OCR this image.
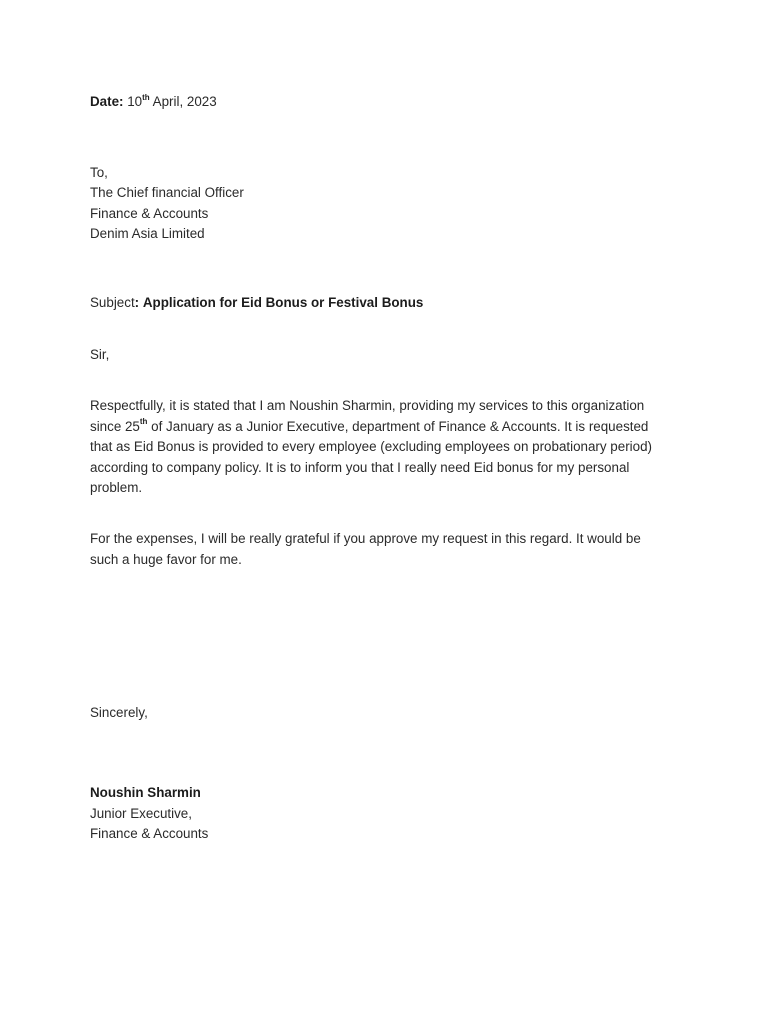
Date: 10th April, 2023
To,
The Chief financial Officer
Finance & Accounts
Denim Asia Limited
Subject: Application for Eid Bonus or Festival Bonus
Sir,
Respectfully, it is stated that I am Noushin Sharmin, providing my services to this organization
since 25th of January as a Junior Executive, department of Finance & Accounts. It is requested
that as Eid Bonus is provided to every employee (excluding employees on probationary period)
according to company policy. It is to inform you that I really need Eid bonus for my personal
problem.
For the expenses, I will be really grateful if you approve my request in this regard. It would be
such a huge favor for me.
Sincerely,
Noushin Sharmin
Junior Executive,
Finance & Accounts
